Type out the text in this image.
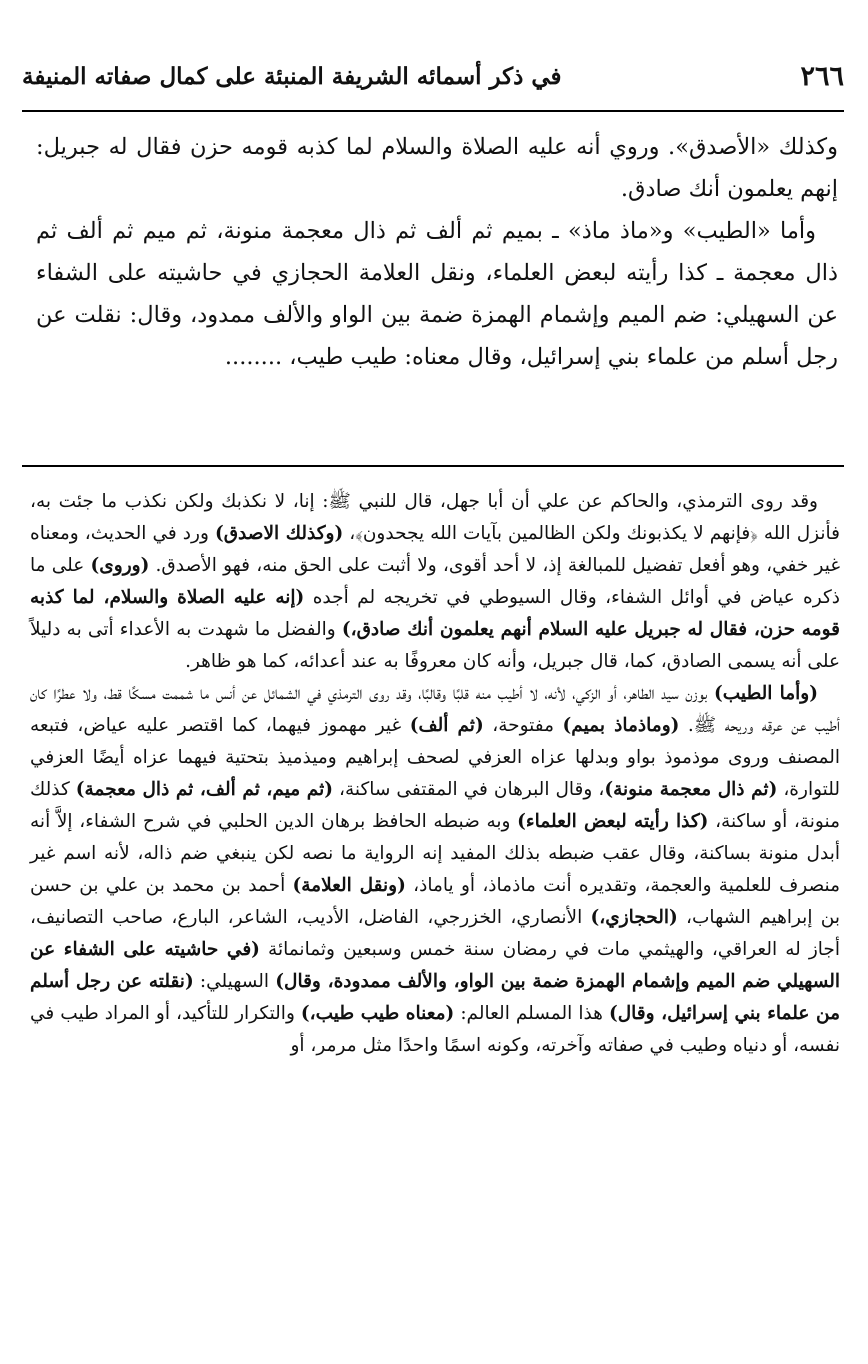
٢٦٦
في ذكر أسمائه الشريفة المنبئة على كمال صفاته المنيفة

وكذلك «الأصدق». وروي أنه عليه الصلاة والسلام لما كذبه قومه حزن فقال له جبريل: إنهم يعلمون أنك صادق.

وأما «الطيب» و«ماذ ماذ» ـ بميم ثم ألف ثم ذال معجمة منونة، ثم ميم ثم ألف ثم ذال معجمة ـ كذا رأيته لبعض العلماء، ونقل العلامة الحجازي في حاشيته على الشفاء عن السهيلي: ضم الميم وإشمام الهمزة ضمة بين الواو والألف ممدود، وقال: نقلت عن رجل أسلم من علماء بني إسرائيل، وقال معناه: طيب طيب، ........

وقد روى الترمذي، والحاكم عن علي أن أبا جهل، قال للنبي ﷺ: إنا، لا نكذبك ولكن نكذب ما جئت به، فأنزل الله ﴿فإنهم لا يكذبونك ولكن الظالمين بآيات الله يجحدون﴾، (وكذلك الاصدق) ورد في الحديث، ومعناه غير خفي، وهو أفعل تفضيل للمبالغة إذ، لا أحد أقوى، ولا أثبت على الحق منه، فهو الأصدق. (وروى) على ما ذكره عياض في أوائل الشفاء، وقال السيوطي في تخريجه لم أجده (إنه عليه الصلاة والسلام، لما كذبه قومه حزن، فقال له جبريل عليه السلام أنهم يعلمون أنك صادق،) والفضل ما شهدت به الأعداء أتى به دليلاً على أنه يسمى الصادق، كما، قال جبريل، وأنه كان معروفًا به عند أعدائه، كما هو ظاهر.

(وأما الطيب) بوزن سيد الطاهر، أو الزكي، لأنه، لا أطيب منه قلبًا وقالبًا، وقد روى الترمذي في الشمائل عن أنس ما شممت مسكًا قط، ولا عطرًا كان أطيب عن عرقه وريحه ﷺ. (وماذماذ بميم) مفتوحة، (ثم ألف) غير مهموز فيهما، كما اقتصر عليه عياض، فتبعه المصنف وروى موذموذ بواو وبدلها عزاه العزفي لصحف إبراهيم وميذميذ بتحتية فيهما عزاه أيضًا العزفي للتوارة، (ثم ذال معجمة منونة)، وقال البرهان في المقتفى ساكنة، (ثم ميم، ثم ألف، ثم ذال معجمة) كذلك منونة، أو ساكنة، (كذا رأيته لبعض العلماء) وبه ضبطه الحافظ برهان الدين الحلبي في شرح الشفاء، إلاَّ أنه أبدل منونة بساكنة، وقال عقب ضبطه بذلك المفيد إنه الرواية ما نصه لكن ينبغي ضم ذاله، لأنه اسم غير منصرف للعلمية والعجمة، وتقديره أنت ماذماذ، أو ياماذ، (ونقل العلامة) أحمد بن محمد بن علي بن حسن بن إبراهيم الشهاب، (الحجازي،) الأنصاري، الخزرجي، الفاضل، الأديب، الشاعر، البارع، صاحب التصانيف، أجاز له العراقي، والهيثمي مات في رمضان سنة خمس وسبعين وثمانمائة (في حاشيته على الشفاء عن السهيلي ضم الميم وإشمام الهمزة ضمة بين الواو، والألف ممدودة، وقال) السهيلي: (نقلته عن رجل أسلم من علماء بني إسرائيل، وقال) هذا المسلم العالم: (معناه طيب طيب،) والتكرار للتأكيد، أو المراد طيب في نفسه، أو دنياه وطيب في صفاته وآخرته، وكونه اسمًا واحدًا مثل مرمر، أو
